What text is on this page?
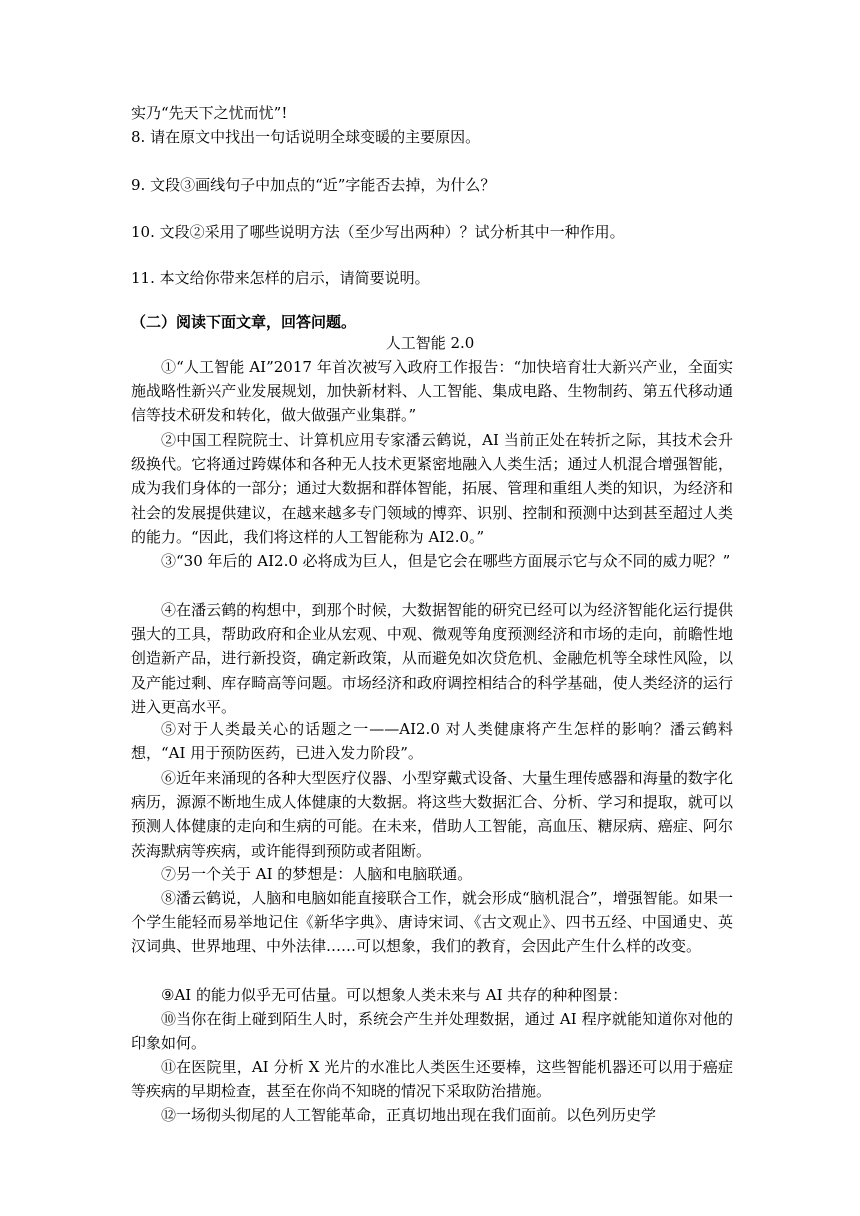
实乃“先天下之忧而忧”!
8. 请在原文中找出一句话说明全球变暖的主要原因。
9. 文段③画线句子中加点的“近”字能否去掉，为什么？
10. 文段②采用了哪些说明方法（至少写出两种）？试分析其中一种作用。
11. 本文给你带来怎样的启示，请简要说明。
（二）阅读下面文章，回答问题。
人工智能 2.0
①“人工智能 AI”2017 年首次被写入政府工作报告：“加快培育壮大新兴产业，全面实施战略性新兴产业发展规划，加快新材料、人工智能、集成电路、生物制药、第五代移动通信等技术研发和转化，做大做强产业集群。”
②中国工程院院士、计算机应用专家潘云鹤说，AI 当前正处在转折之际，其技术会升级换代。它将通过跨媒体和各种无人技术更紧密地融入人类生活；通过人机混合增强智能，成为我们身体的一部分；通过大数据和群体智能，拓展、管理和重组人类的知识，为经济和社会的发展提供建议，在越来越多专门领域的博弈、识别、控制和预测中达到甚至超过人类的能力。“因此，我们将这样的人工智能称为 AI2.0。”
③“30 年后的 AI2.0 必将成为巨人，但是它会在哪些方面展示它与众不同的威力呢？”
④在潘云鹤的构想中，到那个时候，大数据智能的研究已经可以为经济智能化运行提供强大的工具，帮助政府和企业从宏观、中观、微观等角度预测经济和市场的走向，前瞻性地创造新产品，进行新投资，确定新政策，从而避免如次贷危机、金融危机等全球性风险，以及产能过剩、库存畸高等问题。市场经济和政府调控相结合的科学基础，使人类经济的运行进入更高水平。
⑤对于人类最关心的话题之一——AI2.0 对人类健康将产生怎样的影响？潘云鹤料想，“AI 用于预防医药，已进入发力阶段”。
⑥近年来涌现的各种大型医疗仪器、小型穿戴式设备、大量生理传感器和海量的数字化病历，源源不断地生成人体健康的大数据。将这些大数据汇合、分析、学习和提取，就可以预测人体健康的走向和生病的可能。在未来，借助人工智能，高血压、糖尿病、癌症、阿尔茨海默病等疾病，或许能得到预防或者阻断。
⑦另一个关于 AI 的梦想是：人脑和电脑联通。
⑧潘云鹤说，人脑和电脑如能直接联合工作，就会形成“脑机混合”，增强智能。如果一个学生能轻而易举地记住《新华字典》、唐诗宋词、《古文观止》、四书五经、中国通史、英汉词典、世界地理、中外法律……可以想象，我们的教育，会因此产生什么样的改变。
⑨AI 的能力似乎无可估量。可以想象人类未来与 AI 共存的种种图景：
⑩当你在街上碰到陌生人时，系统会产生并处理数据，通过 AI 程序就能知道你对他的印象如何。
⑪在医院里，AI 分析 X 光片的水准比人类医生还要棒，这些智能机器还可以用于癌症等疾病的早期检查，甚至在你尚不知晓的情况下采取防治措施。
⑫一场彻头彻尾的人工智能革命，正真切地出现在我们面前。以色列历史学
